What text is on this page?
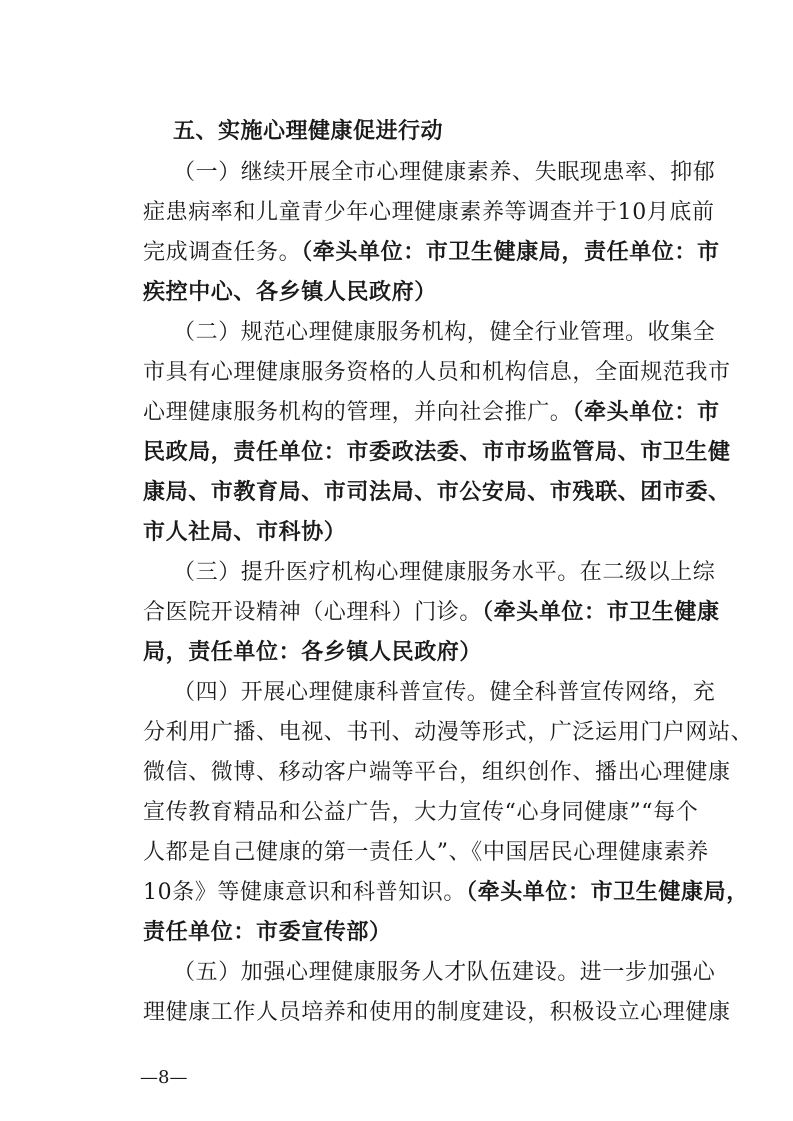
五、实施心理健康促进行动
（一）继续开展全市心理健康素养、失眠现患率、抑郁
症患病率和儿童青少年心理健康素养等调查并于10月底前
完成调查任务。（牵头单位：市卫生健康局，责任单位：市
疾控中心、各乡镇人民政府）
（二）规范心理健康服务机构，健全行业管理。收集全
市具有心理健康服务资格的人员和机构信息，全面规范我市
心理健康服务机构的管理，并向社会推广。（牵头单位：市
民政局，责任单位：市委政法委、市市场监管局、市卫生健
康局、市教育局、市司法局、市公安局、市残联、团市委、
市人社局、市科协）
（三）提升医疗机构心理健康服务水平。在二级以上综
合医院开设精神（心理科）门诊。（牵头单位：市卫生健康
局，责任单位：各乡镇人民政府）
（四）开展心理健康科普宣传。健全科普宣传网络，充
分利用广播、电视、书刊、动漫等形式，广泛运用门户网站、
微信、微博、移动客户端等平台，组织创作、播出心理健康
宣传教育精品和公益广告，大力宣传“心身同健康”“每个
人都是自己健康的第一责任人”、《中国居民心理健康素养
10条》等健康意识和科普知识。（牵头单位：市卫生健康局，
责任单位：市委宣传部）
（五）加强心理健康服务人才队伍建设。进一步加强心
理健康工作人员培养和使用的制度建设，积极设立心理健康
—8—
